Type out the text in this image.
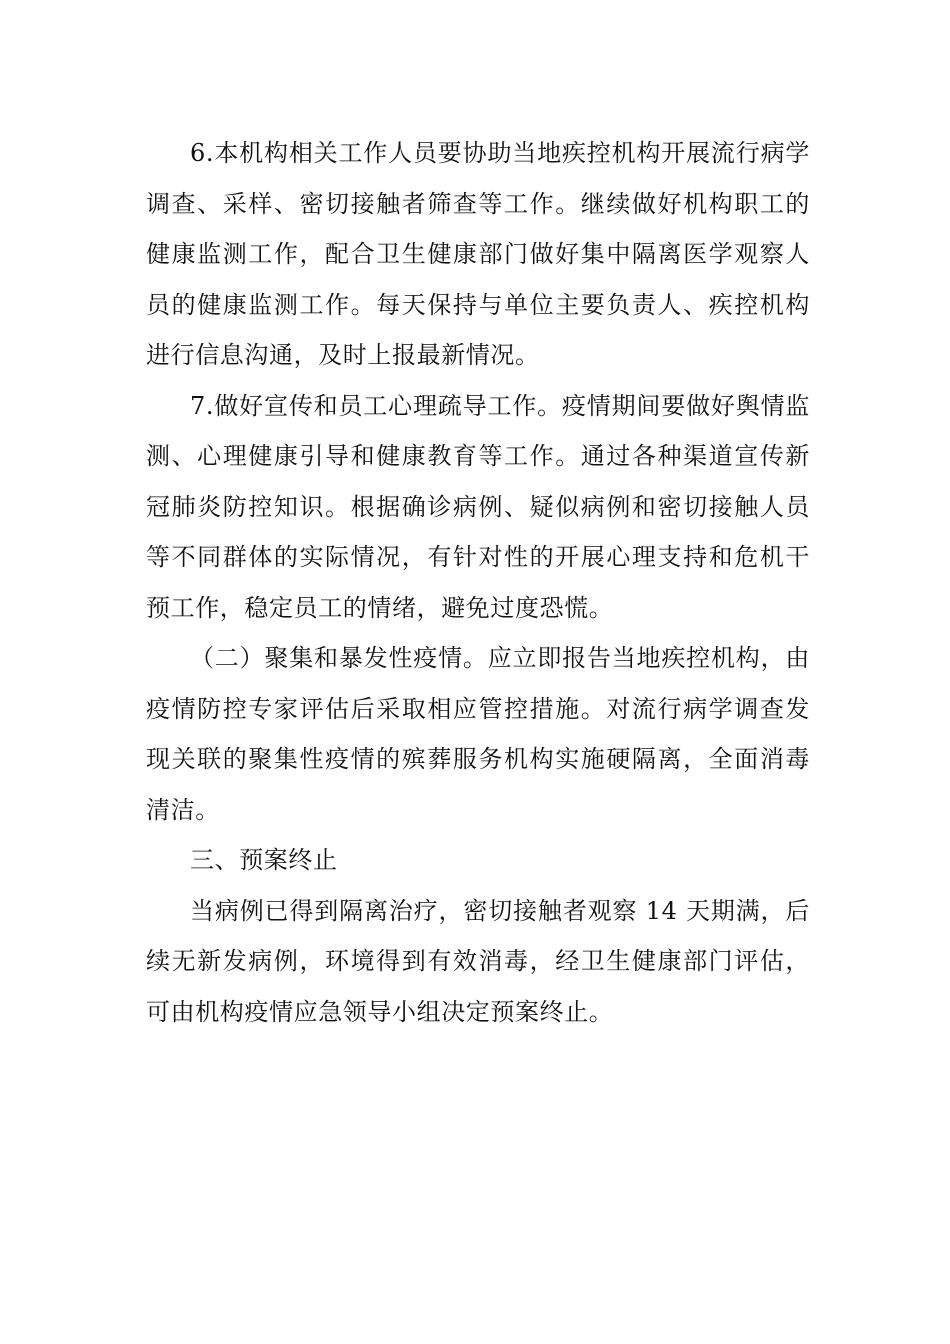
6.本机构相关工作人员要协助当地疾控机构开展流行病学调查、采样、密切接触者筛查等工作。继续做好机构职工的健康监测工作，配合卫生健康部门做好集中隔离医学观察人员的健康监测工作。每天保持与单位主要负责人、疾控机构进行信息沟通，及时上报最新情况。

7.做好宣传和员工心理疏导工作。疫情期间要做好舆情监测、心理健康引导和健康教育等工作。通过各种渠道宣传新冠肺炎防控知识。根据确诊病例、疑似病例和密切接触人员等不同群体的实际情况，有针对性的开展心理支持和危机干预工作，稳定员工的情绪，避免过度恐慌。

（二）聚集和暴发性疫情。应立即报告当地疾控机构，由疫情防控专家评估后采取相应管控措施。对流行病学调查发现关联的聚集性疫情的殡葬服务机构实施硬隔离，全面消毒清洁。

三、预案终止

当病例已得到隔离治疗，密切接触者观察 14 天期满，后续无新发病例，环境得到有效消毒，经卫生健康部门评估，可由机构疫情应急领导小组决定预案终止。
